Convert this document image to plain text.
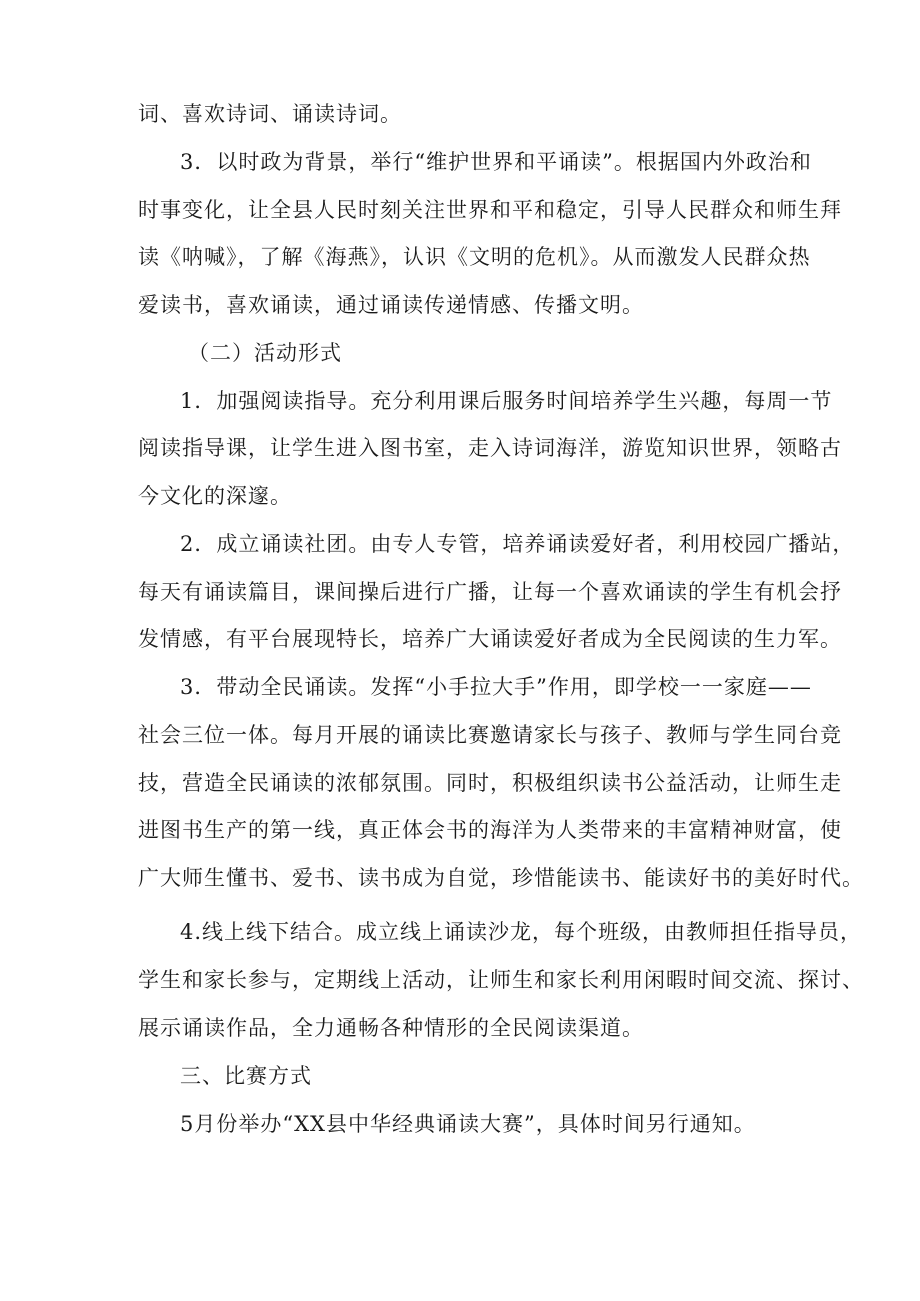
词、喜欢诗词、诵读诗词。
3．以时政为背景，举行“维护世界和平诵读”。根据国内外政治和
时事变化，让全县人民时刻关注世界和平和稳定，引导人民群众和师生拜
读《呐喊》，了解《海燕》，认识《文明的危机》。从而激发人民群众热
爱读书，喜欢诵读，通过诵读传递情感、传播文明。
（二）活动形式
1．加强阅读指导。充分利用课后服务时间培养学生兴趣，每周一节
阅读指导课，让学生进入图书室，走入诗词海洋，游览知识世界，领略古
今文化的深邃。
2．成立诵读社团。由专人专管，培养诵读爱好者，利用校园广播站，
每天有诵读篇目，课间操后进行广播，让每一个喜欢诵读的学生有机会抒
发情感，有平台展现特长，培养广大诵读爱好者成为全民阅读的生力军。
3．带动全民诵读。发挥“小手拉大手”作用，即学校一一家庭——
社会三位一体。每月开展的诵读比赛邀请家长与孩子、教师与学生同台竞
技，营造全民诵读的浓郁氛围。同时，积极组织读书公益活动，让师生走
进图书生产的第一线，真正体会书的海洋为人类带来的丰富精神财富，使
广大师生懂书、爱书、读书成为自觉，珍惜能读书、能读好书的美好时代。
4.线上线下结合。成立线上诵读沙龙，每个班级，由教师担任指导员，
学生和家长参与，定期线上活动，让师生和家长利用闲暇时间交流、探讨、
展示诵读作品，全力通畅各种情形的全民阅读渠道。
三、比赛方式
5月份举办“XX县中华经典诵读大赛”，具体时间另行通知。
